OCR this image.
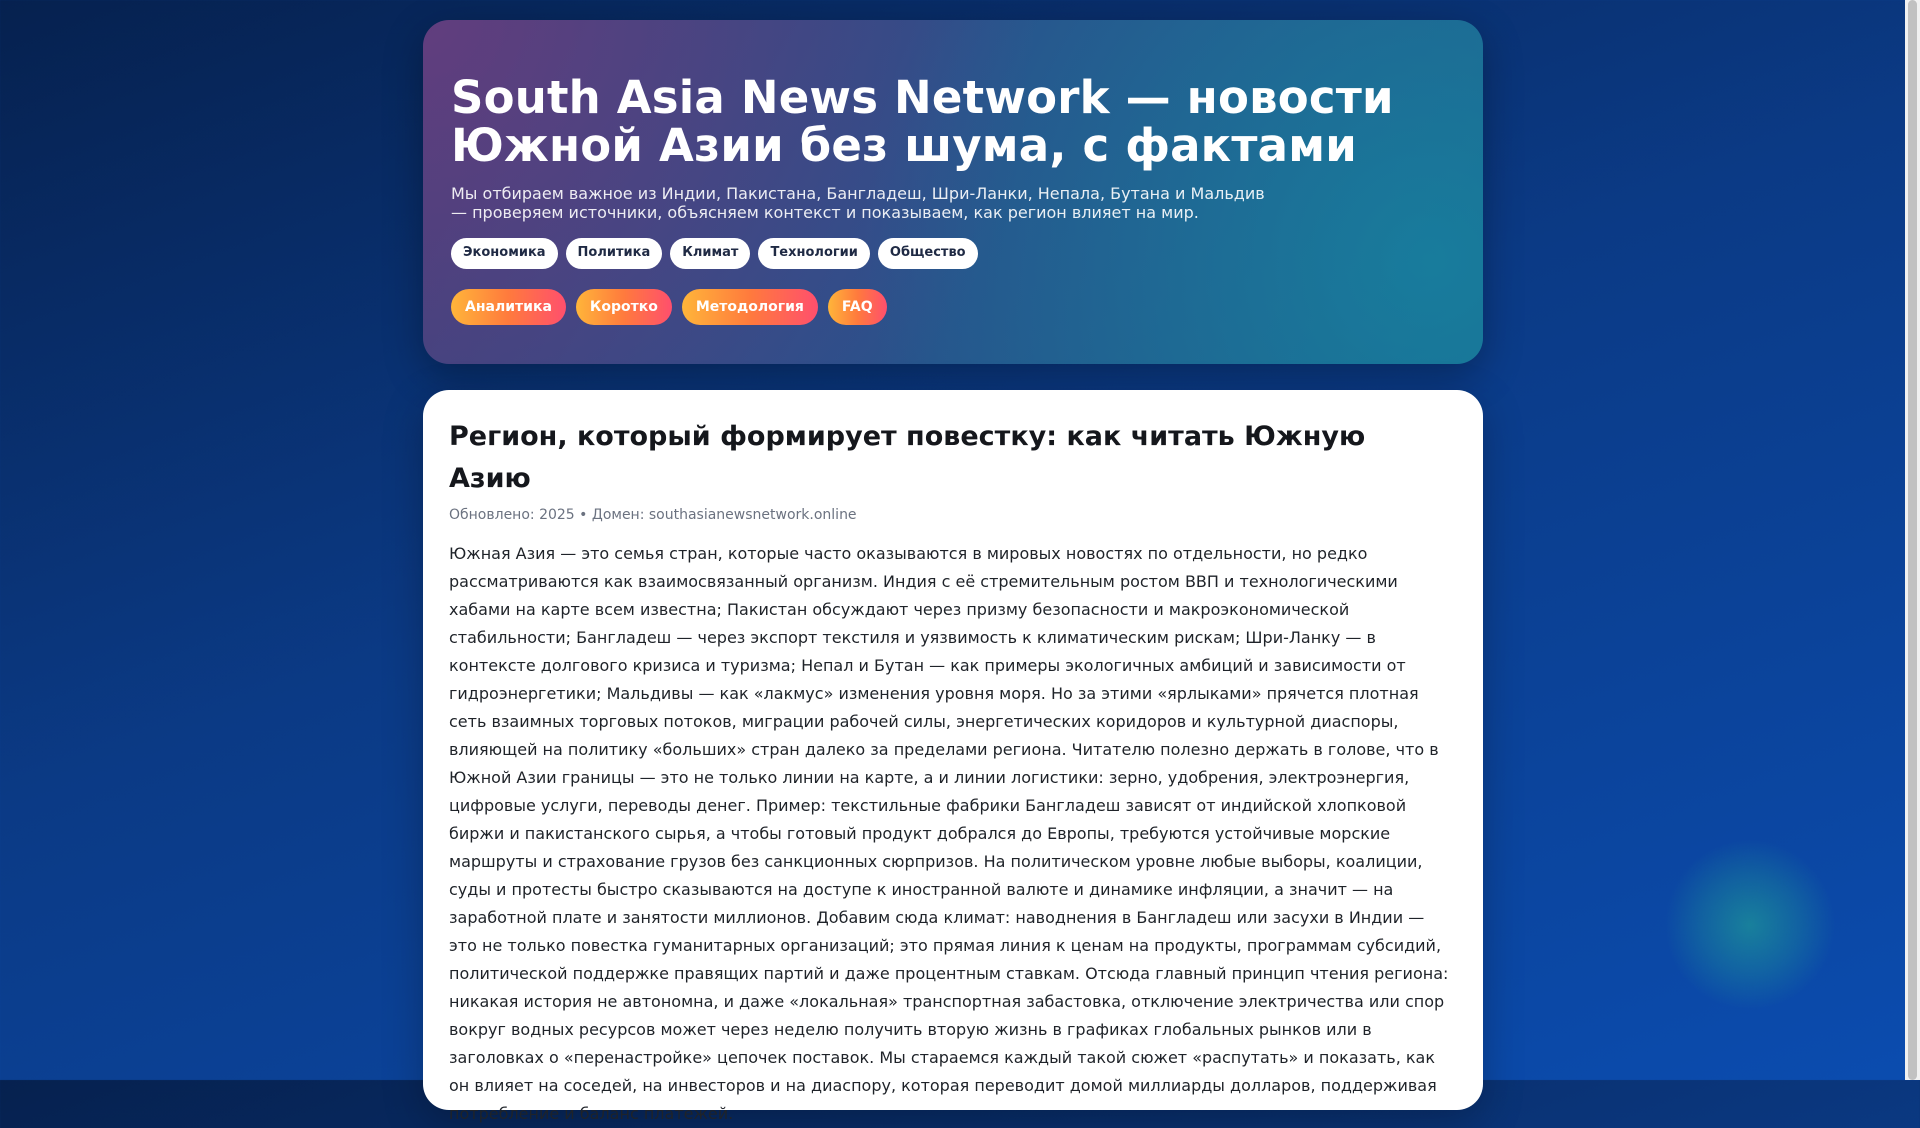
South Asia News Network — новости Южной Азии без шума, с фактами

Мы отбираем важное из Индии, Пакистана, Бангладеш, Шри-Ланки, Непала, Бутана и Мальдив — проверяем источники, объясняем контекст и показываем, как регион влияет на мир.

Экономика	Политика	Климат	Технологии	Общество
Аналитика	Коротко	Методология	FAQ
Регион, который формирует повестку: как читать Южную Азию
Обновлено: 2025 • Домен: southasianewsnetwork.online

Южная Азия — это семья стран, которые часто оказываются в мировых новостях по отдельности, но редко рассматриваются как взаимосвязанный организм. Индия с её стремительным ростом ВВП и технологическими хабами на карте всем известна; Пакистан обсуждают через призму безопасности и макроэкономической стабильности; Бангладеш — через экспорт текстиля и уязвимость к климатическим рискам; Шри-Ланку — в контексте долгового кризиса и туризма; Непал и Бутан — как примеры экологичных амбиций и зависимости от гидроэнергетики; Мальдивы — как «лакмус» изменения уровня моря. Но за этими «ярлыками» прячется плотная сеть взаимных торговых потоков, миграции рабочей силы, энергетических коридоров и культурной диаспоры, влияющей на политику «больших» стран далеко за пределами региона. Читателю полезно держать в голове, что в Южной Азии границы — это не только линии на карте, а и линии логистики: зерно, удобрения, электроэнергия, цифровые услуги, переводы денег. Пример: текстильные фабрики Бангладеш зависят от индийской хлопковой биржи и пакистанского сырья, а чтобы готовый продукт добрался до Европы, требуются устойчивые морские маршруты и страхование грузов без санкционных сюрпризов. На политическом уровне любые выборы, коалиции, суды и протесты быстро сказываются на доступе к иностранной валюте и динамике инфляции, а значит — на заработной плате и занятости миллионов. Добавим сюда климат: наводнения в Бангладеш или засухи в Индии — это не только повестка гуманитарных организаций; это прямая линия к ценам на продукты, программам субсидий, политической поддержке правящих партий и даже процентным ставкам. Отсюда главный принцип чтения региона: никакая история не автономна, и даже «локальная» транспортная забастовка, отключение электричества или спор вокруг водных ресурсов может через неделю получить вторую жизнь в графиках глобальных рынков или в заголовках о «перенастройке» цепочек поставок. Мы стараемся каждый такой сюжет «распутать» и показать, как он влияет на соседей, на инвесторов и на диаспору, которая переводит домой миллиарды долларов, поддерживая потребление и баланс платежей.
